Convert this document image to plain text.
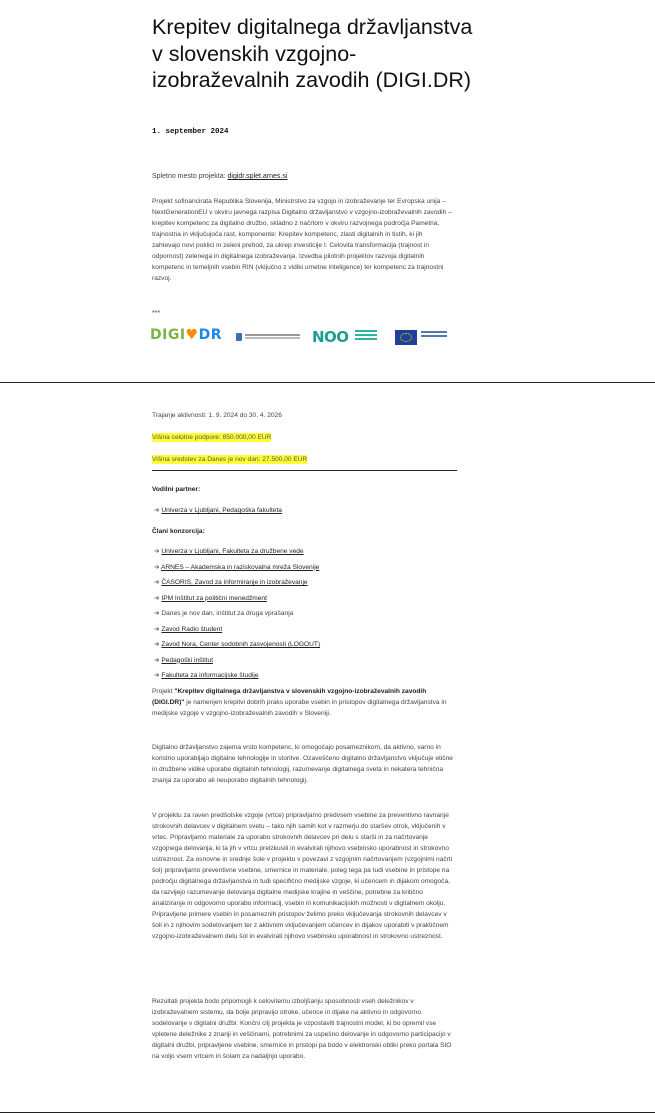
Krepitev digitalnega državljanstva v slovenskih vzgojno-izobraževalnih zavodih (DIGI.DR)
1. september 2024
Spletno mesto projekta: digidr.splet.arnes.si

Projekt sofinancirata Republika Slovenija, Ministrstvo za vzgojo in izobraževanje ter Evropska unija – NextGenerationEU v okviru javnega razpisa Digitalno državljanstvo v vzgojno-izobraževalnih zavodih – krepitev kompetenc za digitalno družbo, skladno z načrtom v okviru razvojnega področja Pametna, trajnostna in vključujoča rast, komponente: Krepitev kompetenc, zlasti digitalnih in tistih, ki jih zahtevajo novi poklici in zeleni prehod, za ukrep investicije I: Celovita transformacija (trajnost in odpornost) zelenega in digitalnega izobraževanja. Izvedba pilotnih projektov razvoja digitalnih kompetenc in temeljnih vsebin RIN (vključno z vidiki umetne inteligence) ter kompetenc za trajnostni razvoj.

***
DIGI♥DR	NOO

Trajanje aktivnosti: 1. 9. 2024 do 30. 4. 2026

Višina celotne podpore: 850.000,00 EUR

Višina sredstev za Danes je nov dan: 27.500,00 EUR

Vodilni partner:

➔ Univerza v Ljubljani, Pedagoška fakulteta

Člani konzorcija:

➔ Univerza v Ljubljani, Fakulteta za družbene vede
➔ ARNES – Akademska in raziskovalna mreža Slovenije
➔ ČASORIS, Zavod za informiranje in izobraževanje
➔ IPM Inštitut za politični menedžment
➔ Danes je nov dan, inštitut za druga vprašanja
➔ Zavod Radio študent
➔ Zavod Nora, Center sodobnih zasvojenosti (LOGOUT)
➔ Pedagoški inštitut
➔ Fakulteta za informacijske študije

Projekt "Krepitev digitalnega državljanstva v slovenskih vzgojno-izobraževalnih zavodih (DIGI.DR)" je namenjen krepitvi dobrih praks uporabe vsebin in pristopov digitalnega državljanstva in medijske vzgoje v vzgojno-izobraževalnih zavodih v Sloveniji.

Digitalno državljanstvo zajema vrsto kompetenc, ki omogočajo posameznikom, da aktivno, varno in koristno uporabljajo digitalne tehnologije in storitve. Ozaveščeno digitalno državljanstvo vključuje etične in družbene vidike uporabe digitalnih tehnologij, razumevanje digitalnega sveta in nekatera tehnična znanja za uporabo ali neuporabo digitalnih tehnologij.

V projektu za raven predšolske vzgoje (vrtce) pripravljamo predvsem vsebine za preventivno ravnanje strokovnih delavcev v digitalnem svetu – tako njih samih kot v razmerju do staršev otrok, vključenih v vrtec. Pripravljamo materiale za uporabo strokovnih delavcev pri delu s starši in za načrtovanje vzgojnega delovanja, ki ta jih v vrtcu preizkusili in evalvirali njihovo vsebinsko uporabnost in strokovno ustreznost. Za osnovne in srednje šole v projektu v povezavi z vzgojnim načrtovanjem (vzgojnimi načrti šol) pripravljamo preventivne vsebine, smernice in materiale, poleg tega pa tudi vsebine in pristope na področju digitalnega državljanstva in tudi specifično medijske vzgoje, ki učencem in dijakom omogoča, da razvijejo razumevanje delovanja digitalne medijske krajine in veščine, potrebne za kritično analiziranje in odgovorno uporabo informacij, vsebin in komunikacijskih možnosti v digitalnem okolju. Pripravljene primere vsebin in posameznih pristopov želimo preko vključevanja strokovnih delavcev v šoli in z njihovim sodelovanjem ter z aktivnim vključevanjem učencev in dijakov uporabiti v praktičnem vzgojno-izobraževalnem delu šol in evalvirati njihovo vsebinsko uporabnost in strokovno ustreznost.

Rezultati projekta bodo pripomogli k celovitemu izboljšanju sposobnosti vseh deležnikov v izobraževalnem sistemu, da bolje pripravijo otroke, učence in dijake na aktivno in odgovorno sodelovanje v digitalni družbi. Končni cilj projekta je vzpostaviti trajnostni model, ki bo opremil vse vpletene deležnike z znanji in veščinami, potrebnimi za uspešno delovanje in odgovorno participacijo v digitalni družbi, pripravljene vsebine, smernice in pristopi pa bodo v elektronski obliki preko portala SIO na voljo vsem vrtcem in šolam za nadaljnjo uporabo.
